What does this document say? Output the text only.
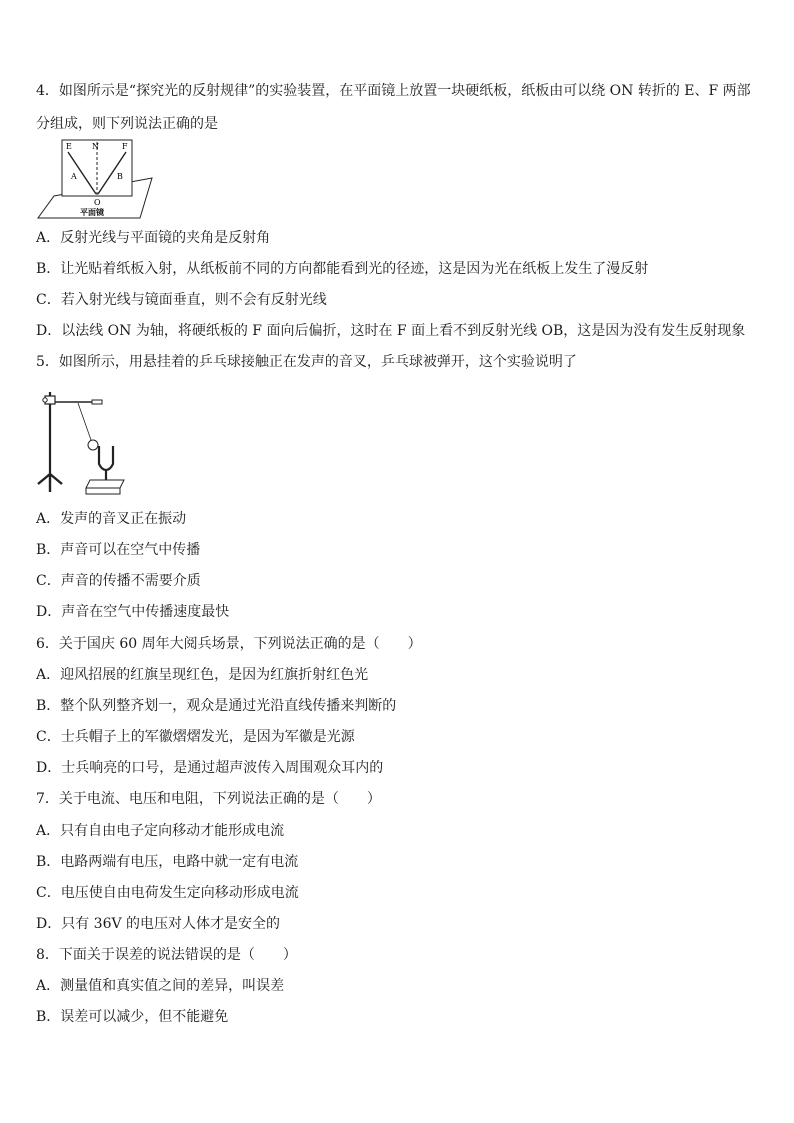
4．如图所示是“探究光的反射规律”的实验装置，在平面镜上放置一块硬纸板，纸板由可以绕 ON 转折的 E、F 两部
分组成，则下列说法正确的是
E	N	F
A	B
O
平面镜
A．反射光线与平面镜的夹角是反射角
B．让光贴着纸板入射，从纸板前不同的方向都能看到光的径迹，这是因为光在纸板上发生了漫反射
C．若入射光线与镜面垂直，则不会有反射光线
D．以法线 ON 为轴，将硬纸板的 F 面向后偏折，这时在 F 面上看不到反射光线 OB，这是因为没有发生反射现象
5．如图所示，用悬挂着的乒乓球接触正在发声的音叉，乒乓球被弹开，这个实验说明了
A．发声的音叉正在振动
B．声音可以在空气中传播
C．声音的传播不需要介质
D．声音在空气中传播速度最快
6．关于国庆 60 周年大阅兵场景，下列说法正确的是（　　）
A．迎风招展的红旗呈现红色，是因为红旗折射红色光
B．整个队列整齐划一，观众是通过光沿直线传播来判断的
C．士兵帽子上的军徽熠熠发光，是因为军徽是光源
D．士兵响亮的口号，是通过超声波传入周围观众耳内的
7．关于电流、电压和电阻，下列说法正确的是（　　）
A．只有自由电子定向移动才能形成电流
B．电路两端有电压，电路中就一定有电流
C．电压使自由电荷发生定向移动形成电流
D．只有 36V 的电压对人体才是安全的
8．下面关于误差的说法错误的是（　　）
A．测量值和真实值之间的差异，叫误差
B．误差可以减少，但不能避免
